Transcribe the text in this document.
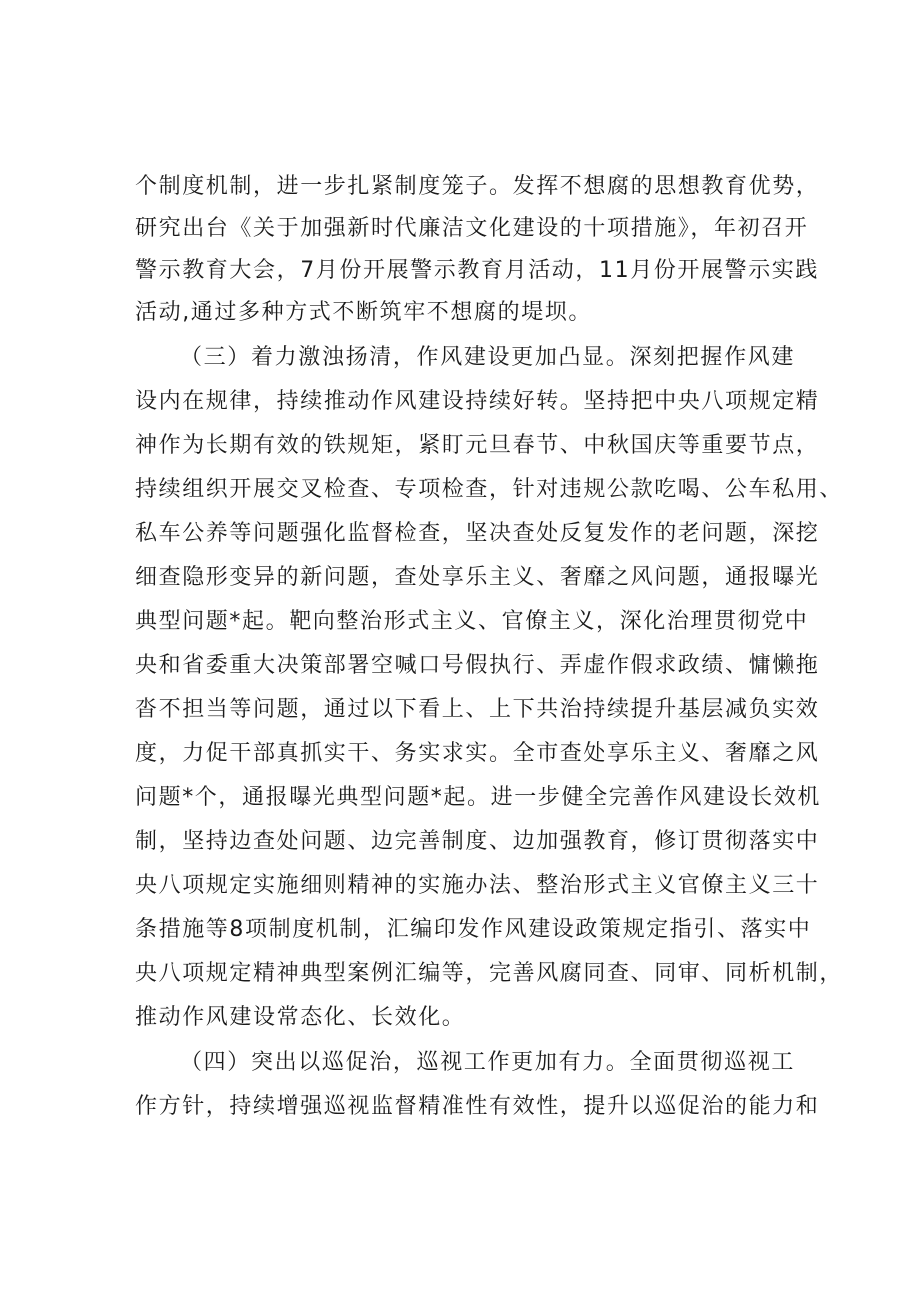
个制度机制，进一步扎紧制度笼子。发挥不想腐的思想教育优势，
研究出台《关于加强新时代廉洁文化建设的十项措施》，年初召开
警示教育大会，7月份开展警示教育月活动，11月份开展警示实践
活动,通过多种方式不断筑牢不想腐的堤坝。
（三）着力激浊扬清，作风建设更加凸显。深刻把握作风建
设内在规律，持续推动作风建设持续好转。坚持把中央八项规定精
神作为长期有效的铁规矩，紧盯元旦春节、中秋国庆等重要节点，
持续组织开展交叉检查、专项检查，针对违规公款吃喝、公车私用、
私车公养等问题强化监督检查，坚决查处反复发作的老问题，深挖
细查隐形变异的新问题，查处享乐主义、奢靡之风问题，通报曝光
典型问题*起。靶向整治形式主义、官僚主义，深化治理贯彻党中
央和省委重大决策部署空喊口号假执行、弄虚作假求政绩、慵懒拖
沓不担当等问题，通过以下看上、上下共治持续提升基层减负实效
度，力促干部真抓实干、务实求实。全市查处享乐主义、奢靡之风
问题*个，通报曝光典型问题*起。进一步健全完善作风建设长效机
制，坚持边查处问题、边完善制度、边加强教育，修订贯彻落实中
央八项规定实施细则精神的实施办法、整治形式主义官僚主义三十
条措施等8项制度机制，汇编印发作风建设政策规定指引、落实中
央八项规定精神典型案例汇编等，完善风腐同查、同审、同析机制，
推动作风建设常态化、长效化。
（四）突出以巡促治，巡视工作更加有力。全面贯彻巡视工
作方针，持续增强巡视监督精准性有效性，提升以巡促治的能力和
